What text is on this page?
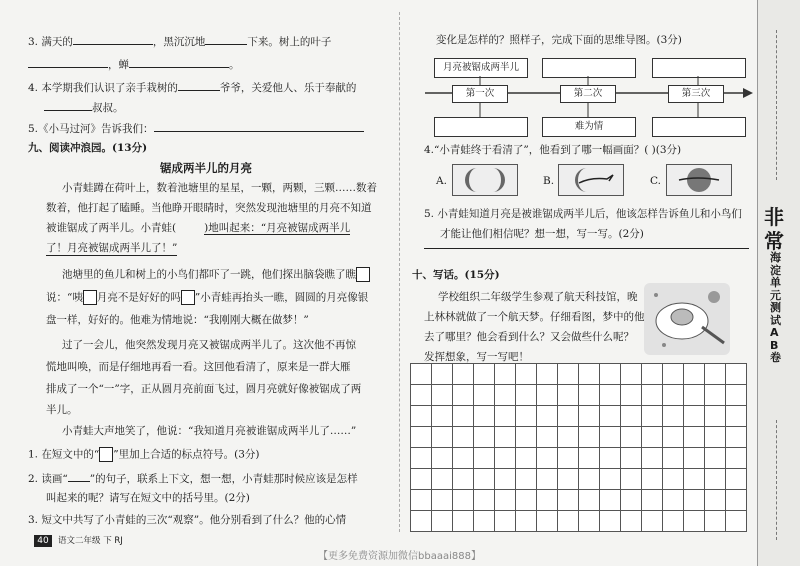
3. 满天的	，黑沉沉地	下来。树上的叶子
，蝉	。
4. 本学期我们认识了亲手栽树的	爷爷，关爱他人、乐于奉献的
叔叔。
5.《小马过河》告诉我们：
九、阅读冲浪园。(13分)
锯成两半儿的月亮
小青蛙蹲在荷叶上，数着池塘里的星星，一颗，两颗，三颗……数着
数着，他打起了瞌睡。当他睁开眼睛时，突然发现池塘里的月亮不知道
被谁锯成了两半儿。小青蛙(	)地叫起来：“月亮被锯成两半儿
了！月亮被锯成两半儿了！”
池塘里的鱼儿和树上的小鸟们都吓了一跳，他们探出脑袋瞧了瞧
说：“咦 月亮不是好好的吗 ”小青蛙再抬头一瞧，圆圆的月亮像银
盘一样，好好的。他难为情地说：“我刚刚大概在做梦！”
过了一会儿，他突然发现月亮又被锯成两半儿了。这次他不再惊
慌地叫唤，而是仔细地再看一看。这回他看清了，原来是一群大雁
排成了一个“一”字，正从圆月亮前面飞过，圆月亮就好像被锯成了两
半儿。
小青蛙大声地笑了，他说：“我知道月亮被谁锯成两半儿了……”
1. 在短文中的“ ”里加上合适的标点符号。(3分)
2. 读画“ ”的句子，联系上下文，想一想，小青蛙那时候应该是怎样
叫起来的呢？请写在短文中的括号里。(2分)
3. 短文中共写了小青蛙的三次“观察”。他分别看到了什么？他的心情
40	语文二年级 下 RJ
变化是怎样的？照样子，完成下面的思维导图。(3分)
月亮被锯成两半儿
第一次	第二次	第三次
难为情
4.“小青蛙终于看清了”，他看到了哪一幅画面？( )(3分)
A.	B.	C.
5. 小青蛙知道月亮是被谁锯成两半儿后，他该怎样告诉鱼儿和小鸟们
才能让他们相信呢？想一想，写一写。(2分)
十、写话。(15分)
学校组织二年级学生参观了航天科技馆，晚
上林林就做了一个航天梦。仔细看图，梦中的他
去了哪里？他会看到什么？又会做些什么呢？
发挥想象，写一写吧！
非常
海淀单元测试AB卷
【更多免费资源加微信bbaaai888】
